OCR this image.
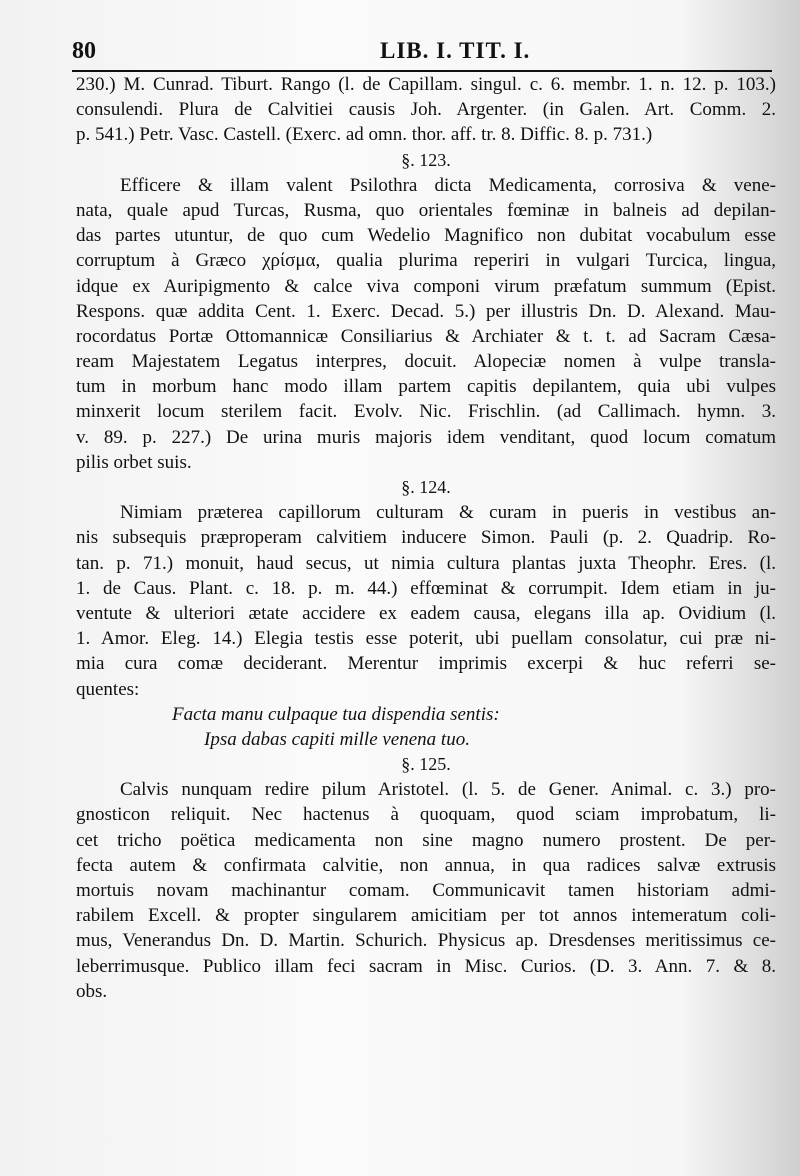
80	LIB. I. TIT. I.
230.) M. Cunrad. Tiburt. Rango (l. de Capillam. singul. c. 6. membr. 1. n. 12. p. 103.)
consulendi. Plura de Calvitiei causis Joh. Argenter. (in Galen. Art. Comm. 2.
p. 541.) Petr. Vasc. Castell. (Exerc. ad omn. thor. aff. tr. 8. Diffic. 8. p. 731.)
§. 123.
Efficere & illam valent Psilothra dicta Medicamenta, corrosiva & vene-
nata, quale apud Turcas, Rusma, quo orientales fœminæ in balneis ad depilan-
das partes utuntur, de quo cum Wedelio Magnifico non dubitat vocabulum esse
corruptum à Græco χρίσμα, qualia plurima reperiri in vulgari Turcica, lingua,
idque ex Auripigmento & calce viva componi virum præfatum summum (Epist.
Respons. quæ addita Cent. 1. Exerc. Decad. 5.) per illustris Dn. D. Alexand. Mau-
rocordatus Portæ Ottomannicæ Consiliarius & Archiater & t. t. ad Sacram Cæsa-
ream Majestatem Legatus interpres, docuit. Alopeciæ nomen à vulpe transla-
tum in morbum hanc modo illam partem capitis depilantem, quia ubi vulpes
minxerit locum sterilem facit. Evolv. Nic. Frischlin. (ad Callimach. hymn. 3.
v. 89. p. 227.) De urina muris majoris idem venditant, quod locum comatum
pilis orbet suis.
§. 124.
Nimiam præterea capillorum culturam & curam in pueris in vestibus an-
nis subsequis præproperam calvitiem inducere Simon. Pauli (p. 2. Quadrip. Ro-
tan. p. 71.) monuit, haud secus, ut nimia cultura plantas juxta Theophr. Eres. (l.
1. de Caus. Plant. c. 18. p. m. 44.) effœminat & corrumpit. Idem etiam in ju-
ventute & ulteriori ætate accidere ex eadem causa, elegans illa ap. Ovidium (l.
1. Amor. Eleg. 14.) Elegia testis esse poterit, ubi puellam consolatur, cui præ ni-
mia cura comæ deciderant. Merentur imprimis excerpi & huc referri se-
quentes:
Facta manu culpaque tua dispendia sentis:
Ipsa dabas capiti mille venena tuo.
§. 125.
Calvis nunquam redire pilum Aristotel. (l. 5. de Gener. Animal. c. 3.) pro-
gnosticon reliquit. Nec hactenus à quoquam, quod sciam improbatum, li-
cet tricho poëtica medicamenta non sine magno numero prostent. De per-
fecta autem & confirmata calvitie, non annua, in qua radices salvæ extrusis
mortuis novam machinantur comam. Communicavit tamen historiam admi-
rabilem Excell. & propter singularem amicitiam per tot annos intemeratum coli-
mus, Venerandus Dn. D. Martin. Schurich. Physicus ap. Dresdenses meritissimus ce-
leberrimusque. Publico illam feci sacram in Misc. Curios. (D. 3. Ann. 7. & 8.
obs.
